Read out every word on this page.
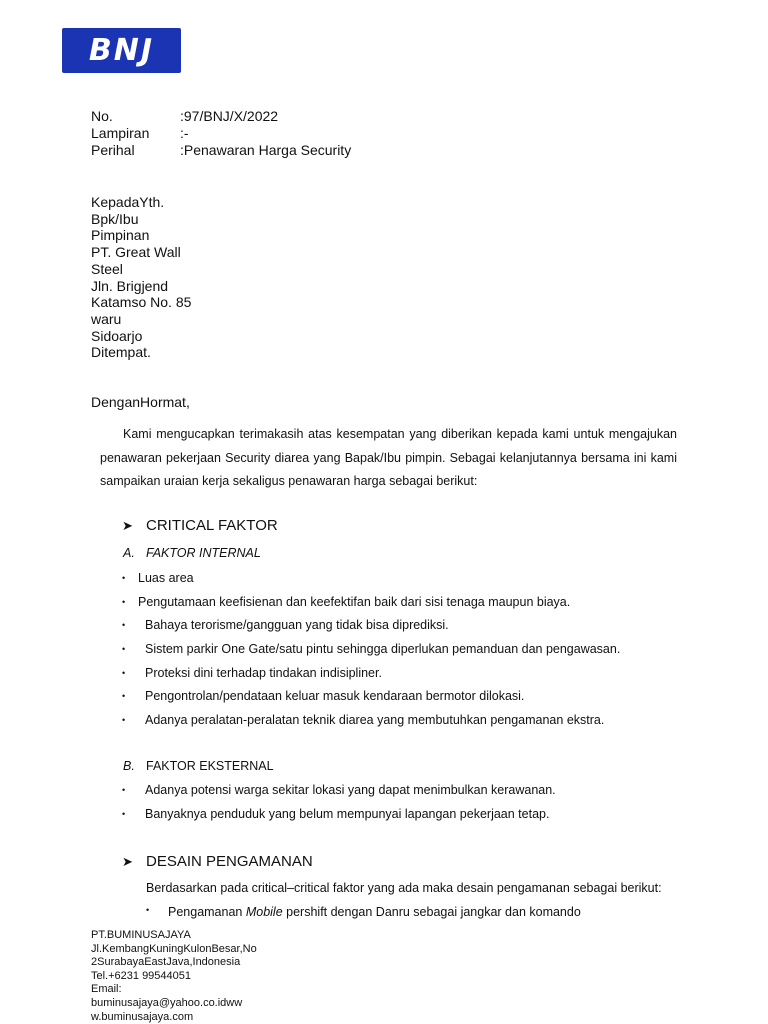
BNJ
No.	:97/BNJ/X/2022
Lampiran	:-
Perihal	:Penawaran Harga Security
KepadaYth.
Bpk/Ibu
Pimpinan
PT. Great Wall
Steel
Jln. Brigjend
Katamso No. 85
waru
Sidoarjo
Ditempat.
DenganHormat,
Kami mengucapkan terimakasih atas kesempatan yang diberikan kepada kami untuk mengajukan penawaran pekerjaan Security diarea yang Bapak/Ibu pimpin. Sebagai kelanjutannya bersama ini kami sampaikan uraian kerja sekaligus penawaran harga sebagai berikut:
➤ CRITICAL FAKTOR
A. FAKTOR INTERNAL
• Luas area
• Pengutamaan keefisienan dan keefektifan baik dari sisi tenaga maupun biaya.
• Bahaya terorisme/gangguan yang tidak bisa diprediksi.
• Sistem parkir One Gate/satu pintu sehingga diperlukan pemanduan dan pengawasan.
• Proteksi dini terhadap tindakan indisipliner.
• Pengontrolan/pendataan keluar masuk kendaraan bermotor dilokasi.
• Adanya peralatan-peralatan teknik diarea yang membutuhkan pengamanan ekstra.
B. FAKTOR EKSTERNAL
• Adanya potensi warga sekitar lokasi yang dapat menimbulkan kerawanan.
• Banyaknya penduduk yang belum mempunyai lapangan pekerjaan tetap.
➤ DESAIN PENGAMANAN
Berdasarkan pada critical–critical faktor yang ada maka desain pengamanan sebagai berikut:
•	Pengamanan Mobile pershift dengan Danru sebagai jangkar dan komando
PT.BUMINUSAJAYA
Jl.KembangKuningKulonBesar,No
2SurabayaEastJava,Indonesia
Tel.+6231 99544051
Email:
buminusajaya@yahoo.co.idww
w.buminusajaya.com
